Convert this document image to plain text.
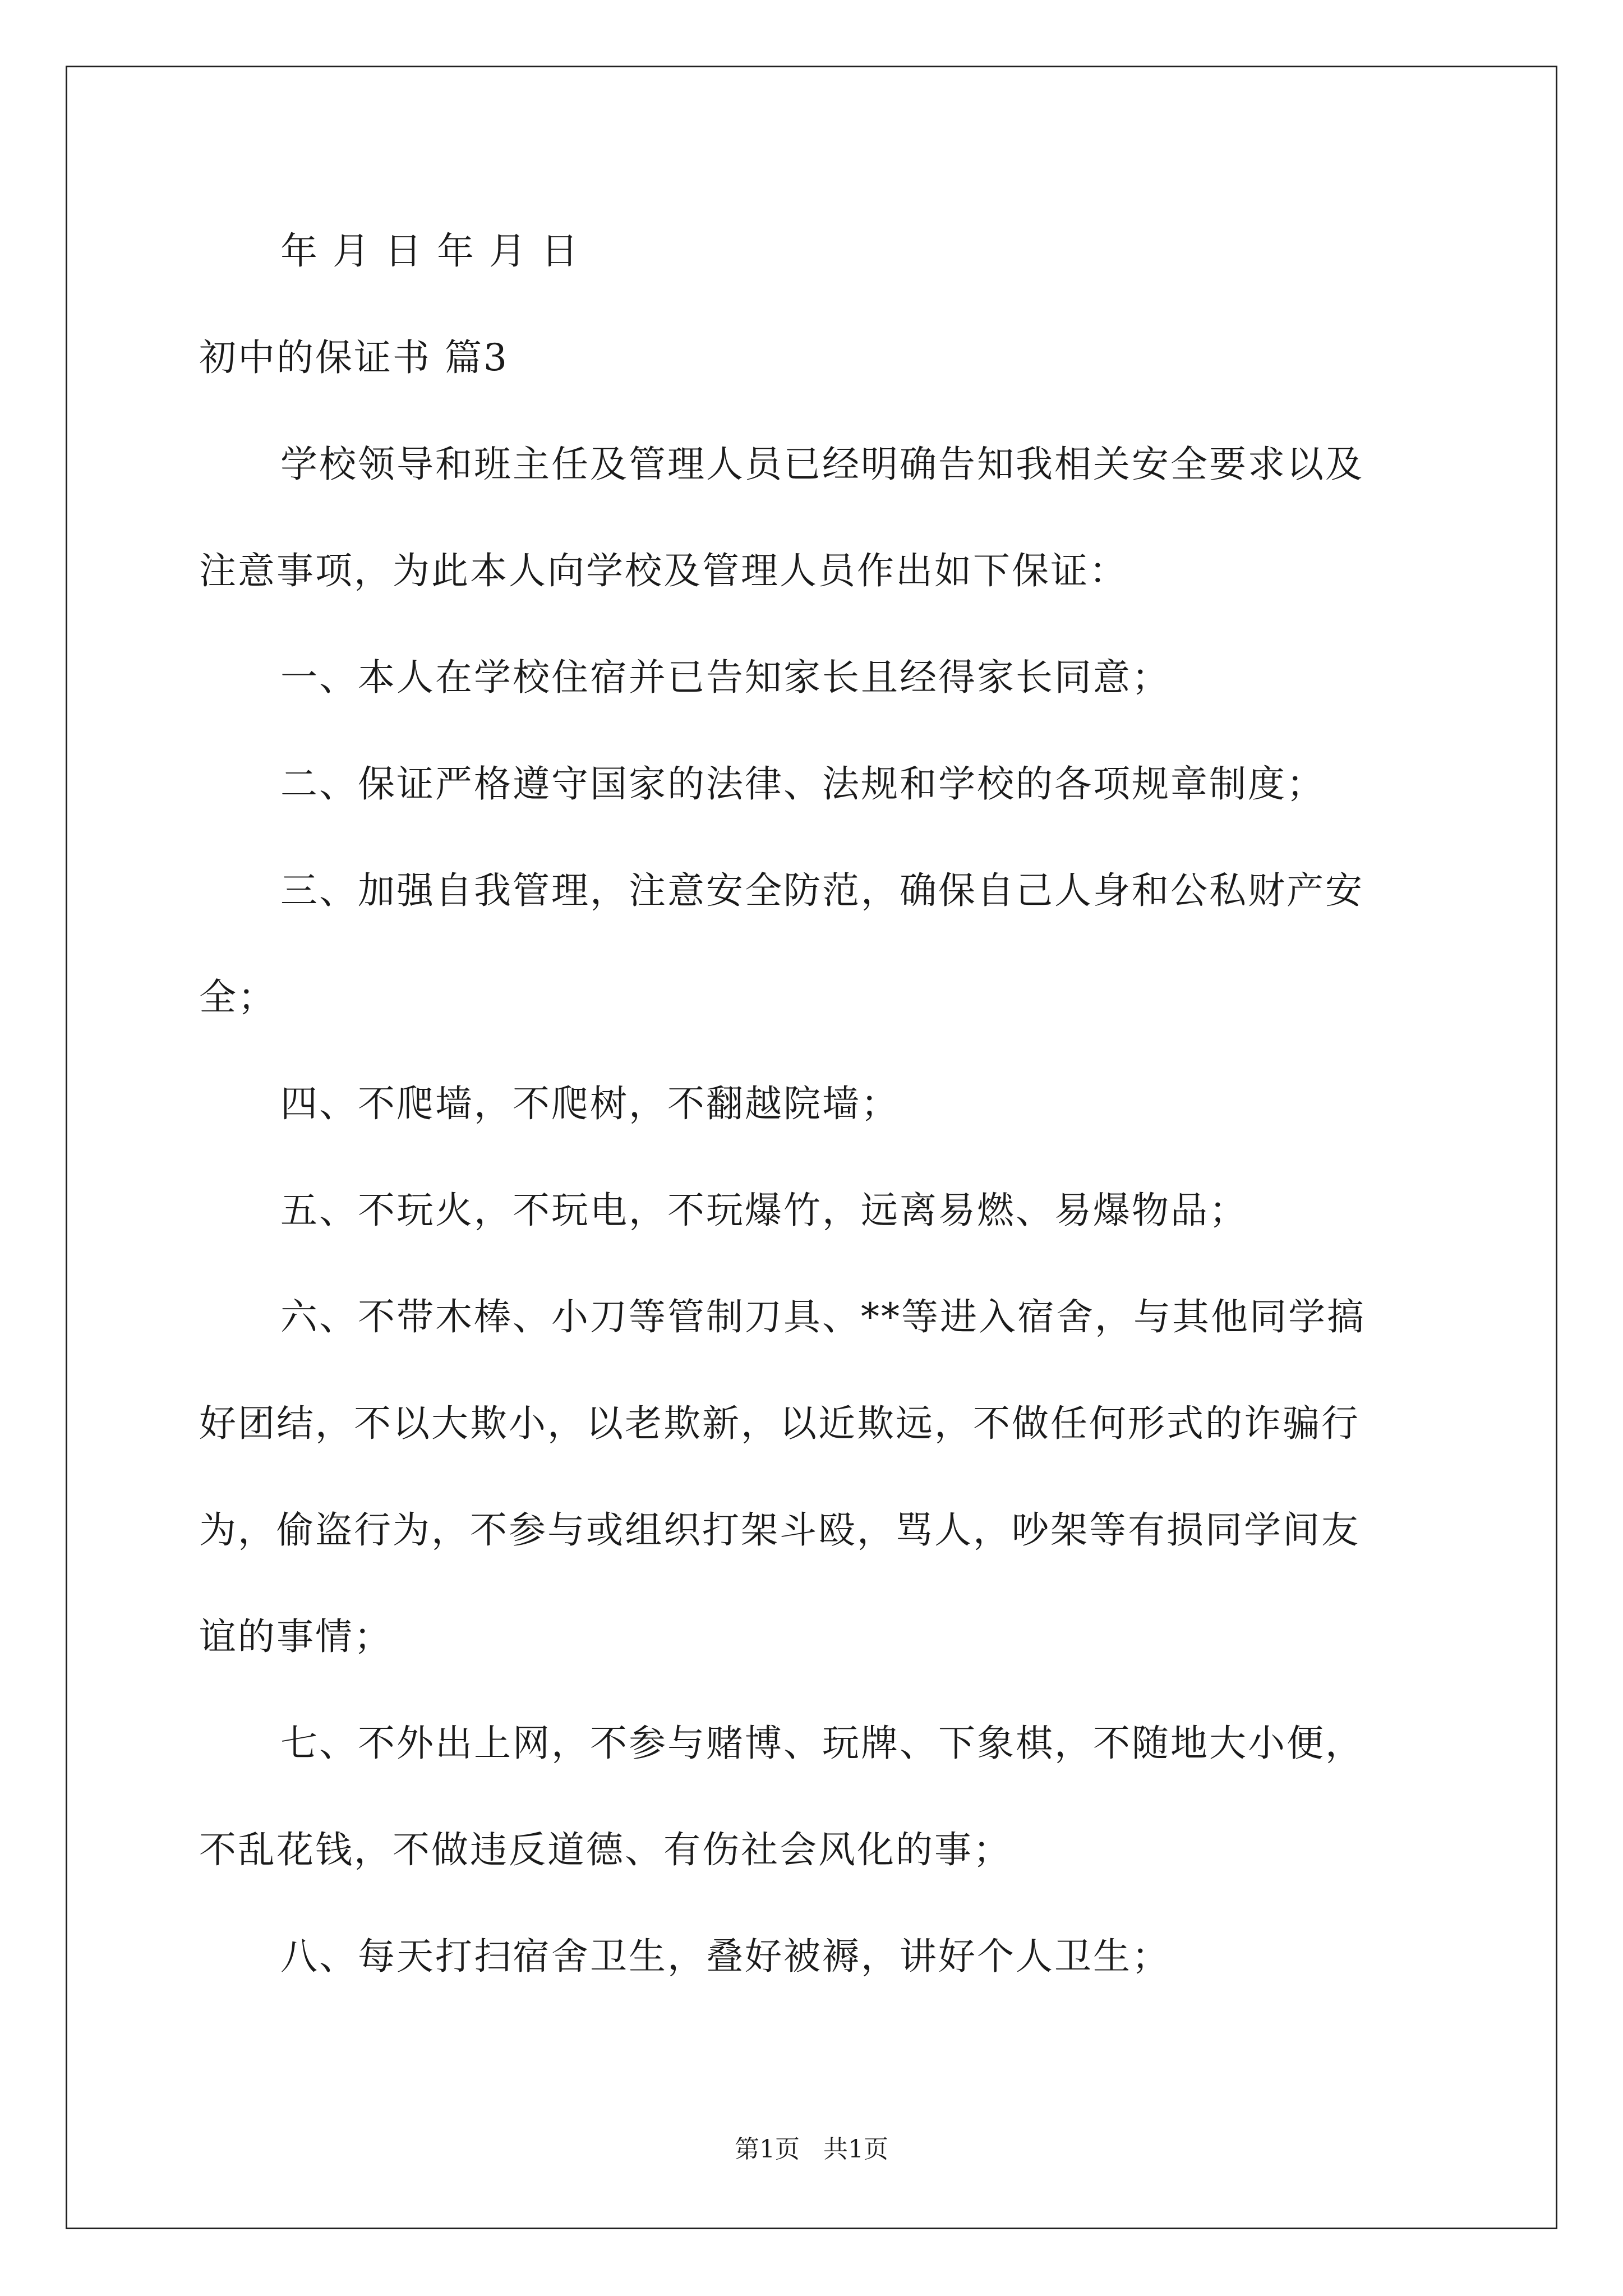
年 月 日 年 月 日
初中的保证书 篇3
学校领导和班主任及管理人员已经明确告知我相关安全要求以及
注意事项，为此本人向学校及管理人员作出如下保证：
一、本人在学校住宿并已告知家长且经得家长同意；
二、保证严格遵守国家的法律、法规和学校的各项规章制度；
三、加强自我管理，注意安全防范，确保自己人身和公私财产安
全；
四、不爬墙，不爬树，不翻越院墙；
五、不玩火，不玩电，不玩爆竹，远离易燃、易爆物品；
六、不带木棒、小刀等管制刀具、**等进入宿舍，与其他同学搞
好团结，不以大欺小，以老欺新，以近欺远，不做任何形式的诈骗行
为，偷盗行为，不参与或组织打架斗殴，骂人，吵架等有损同学间友
谊的事情；
七、不外出上网，不参与赌博、玩牌、下象棋，不随地大小便，
不乱花钱，不做违反道德、有伤社会风化的事；
八、每天打扫宿舍卫生，叠好被褥，讲好个人卫生；
第1页   共1页
